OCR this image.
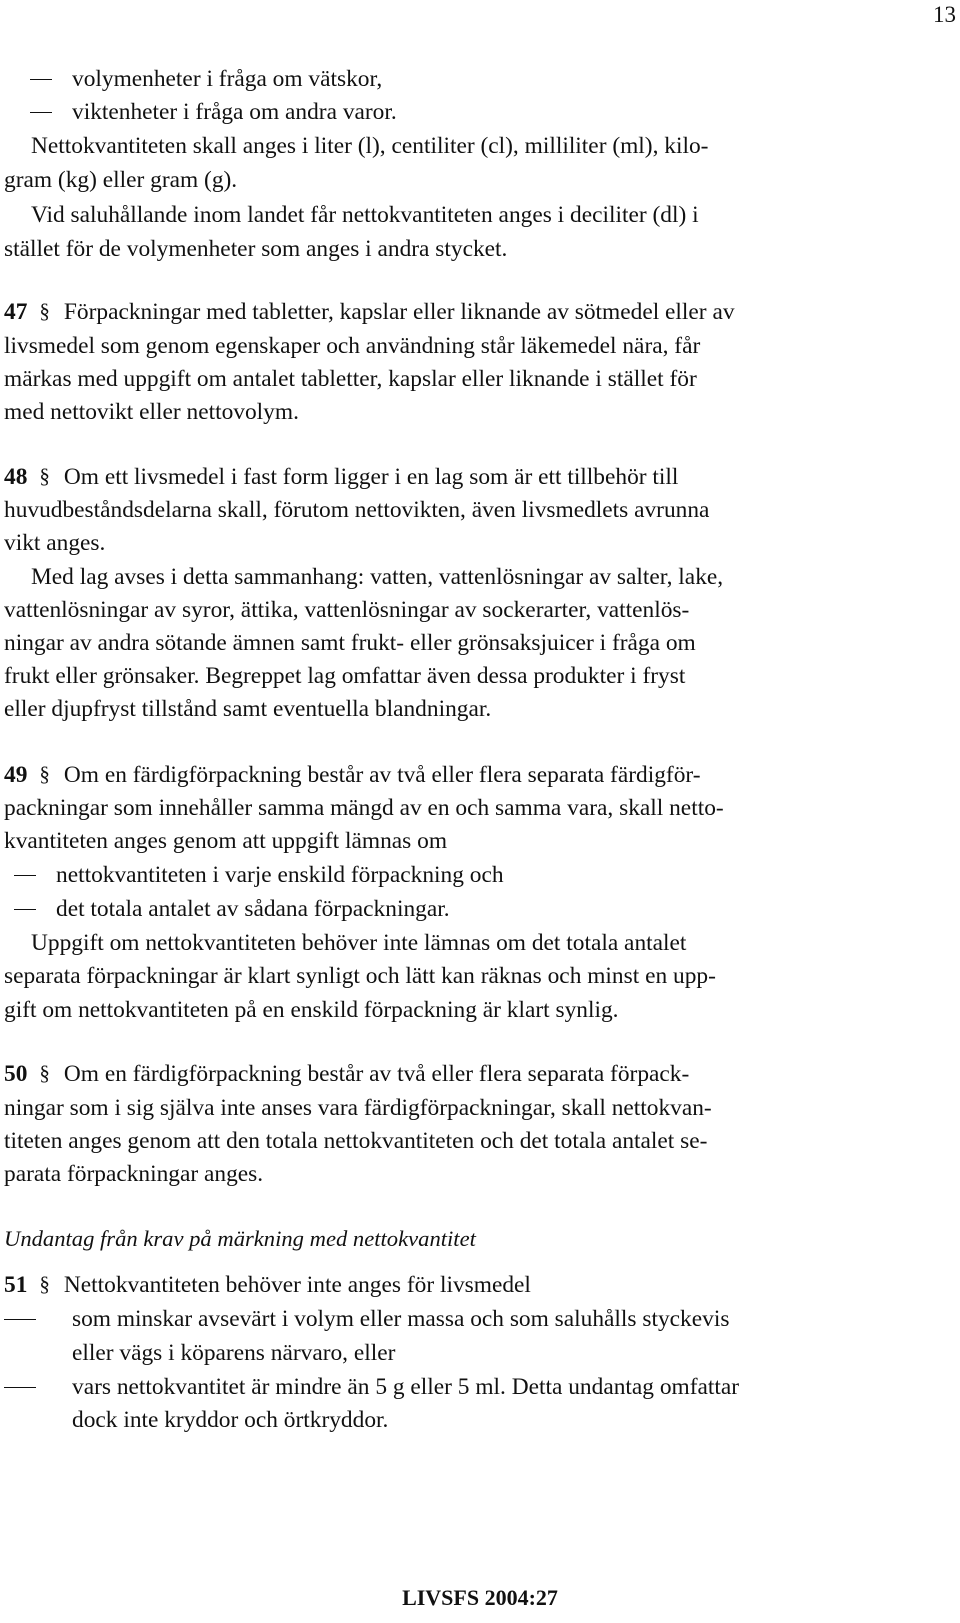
13
volymenheter i fråga om vätskor,
viktenheter i fråga om andra varor.
Nettokvantiteten skall anges i liter (l), centiliter (cl), milliliter (ml), kilo-
gram (kg) eller gram (g).
Vid saluhållande inom landet får nettokvantiteten anges i deciliter (dl) i
stället för de volymenheter som anges i andra stycket.
47 § Förpackningar med tabletter, kapslar eller liknande av sötmedel eller av
livsmedel som genom egenskaper och användning står läkemedel nära, får
märkas med uppgift om antalet tabletter, kapslar eller liknande i stället för
med nettovikt eller nettovolym.
48 § Om ett livsmedel i fast form ligger i en lag som är ett tillbehör till
huvudbeståndsdelarna skall, förutom nettovikten, även livsmedlets avrunna
vikt anges.
Med lag avses i detta sammanhang: vatten, vattenlösningar av salter, lake,
vattenlösningar av syror, ättika, vattenlösningar av sockerarter, vattenlös-
ningar av andra sötande ämnen samt frukt- eller grönsaksjuicer i fråga om
frukt eller grönsaker. Begreppet lag omfattar även dessa produkter i fryst
eller djupfryst tillstånd samt eventuella blandningar.
49 § Om en färdigförpackning består av två eller flera separata färdigför-
packningar som innehåller samma mängd av en och samma vara, skall netto-
kvantiteten anges genom att uppgift lämnas om
nettokvantiteten i varje enskild förpackning och
det totala antalet av sådana förpackningar.
Uppgift om nettokvantiteten behöver inte lämnas om det totala antalet
separata förpackningar är klart synligt och lätt kan räknas och minst en upp-
gift om nettokvantiteten på en enskild förpackning är klart synlig.
50 § Om en färdigförpackning består av två eller flera separata förpack-
ningar som i sig själva inte anses vara färdigförpackningar, skall nettokvan-
titeten anges genom att den totala nettokvantiteten och det totala antalet se-
parata förpackningar anges.
Undantag från krav på märkning med nettokvantitet
51 § Nettokvantiteten behöver inte anges för livsmedel
som minskar avsevärt i volym eller massa och som saluhålls styckevis
eller vägs i köparens närvaro, eller
vars nettokvantitet är mindre än 5 g eller 5 ml. Detta undantag omfattar
dock inte kryddor och örtkryddor.
LIVSFS 2004:27
